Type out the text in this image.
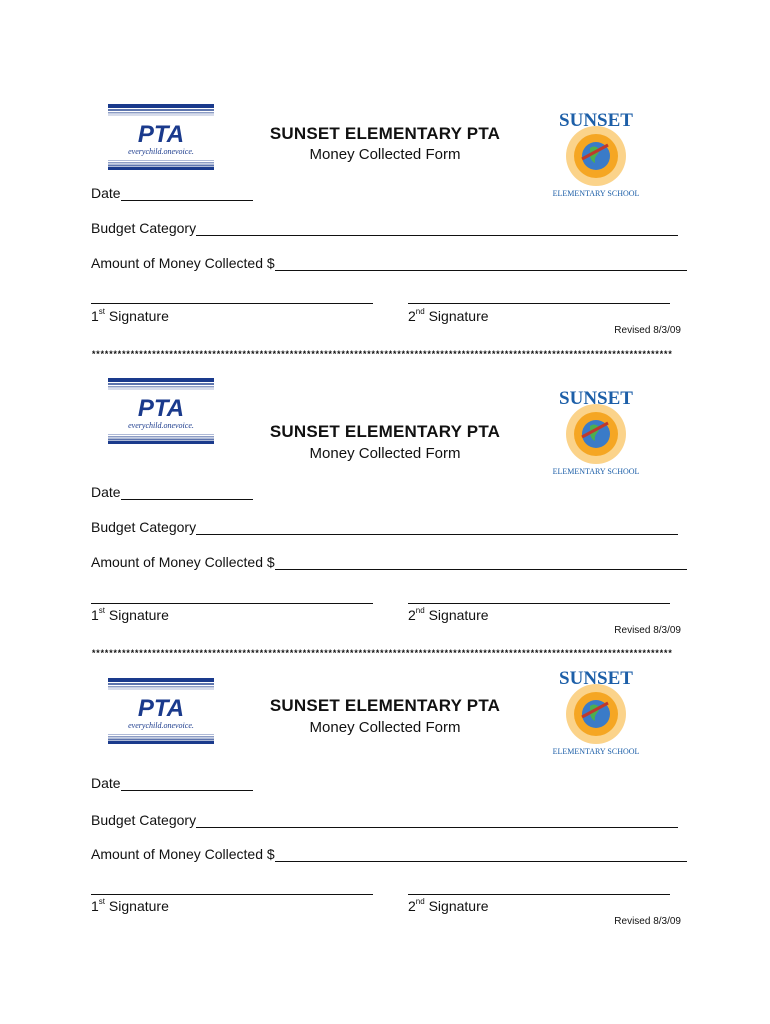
PTA
everychild.onevoice.
SUNSET ELEMENTARY PTA
Money Collected Form
SUNSET
ELEMENTARY SCHOOL
Date
Budget Category
Amount of Money Collected $
1st Signature	2nd Signature
Revised 8/3/09
***************************************************************************************************************************************
PTA
everychild.onevoice.	SUNSET ELEMENTARY PTA
Money Collected Form
SUNSET
ELEMENTARY SCHOOL
Date
Budget Category
Amount of Money Collected $
1st Signature	2nd Signature
Revised 8/3/09
***************************************************************************************************************************************
PTA
everychild.onevoice.
SUNSET ELEMENTARY PTA
Money Collected Form
SUNSET
ELEMENTARY SCHOOL
Date
Budget Category
Amount of Money Collected $
1st Signature	2nd Signature
Revised 8/3/09
